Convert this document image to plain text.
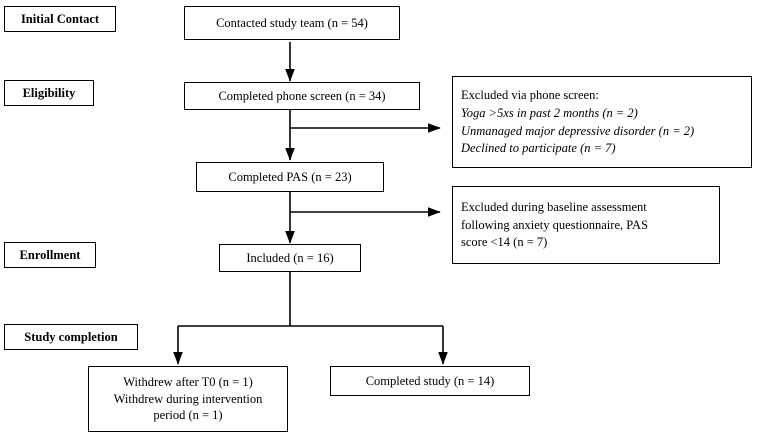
Initial Contact
Eligibility
Enrollment
Study completion
Contacted study team (n = 54)
Completed phone screen (n = 34)
Completed PAS (n = 23)
Included (n = 16)
Withdrew after T0 (n = 1)
Withdrew during intervention
period (n = 1)
Completed study (n = 14)
Excluded via phone screen:
Yoga >5xs in past 2 months (n = 2)
Unmanaged major depressive disorder (n = 2)
Declined to participate (n = 7)
Excluded during baseline assessment
following anxiety questionnaire, PAS
score <14 (n = 7)
